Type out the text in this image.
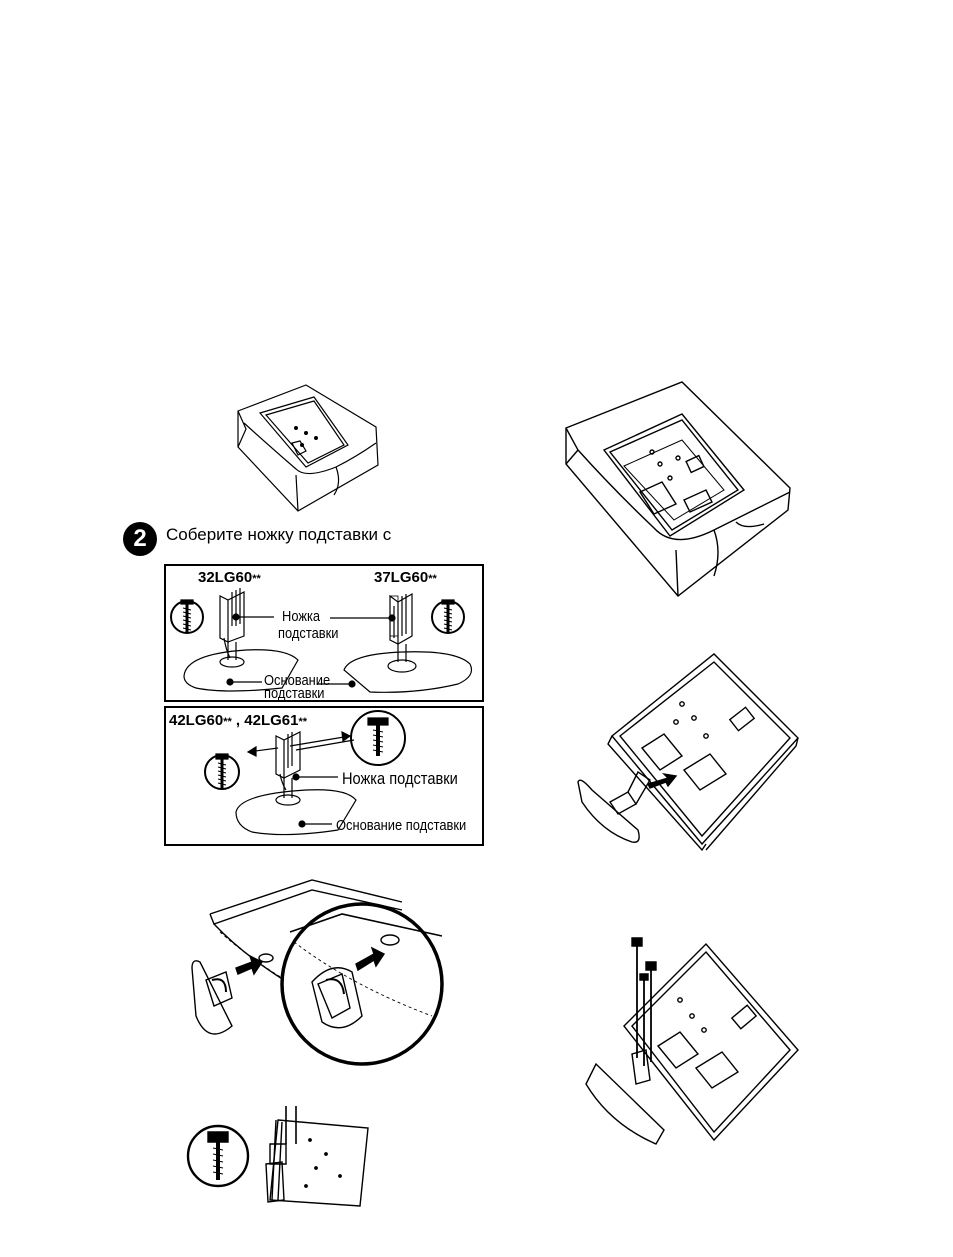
2 Соберите ножку подставки с
32LG60**	37LG60**
Ножка
подставки
Основание
подставки
42LG60** , 42LG61**
Ножка подставки
Основание подставки
